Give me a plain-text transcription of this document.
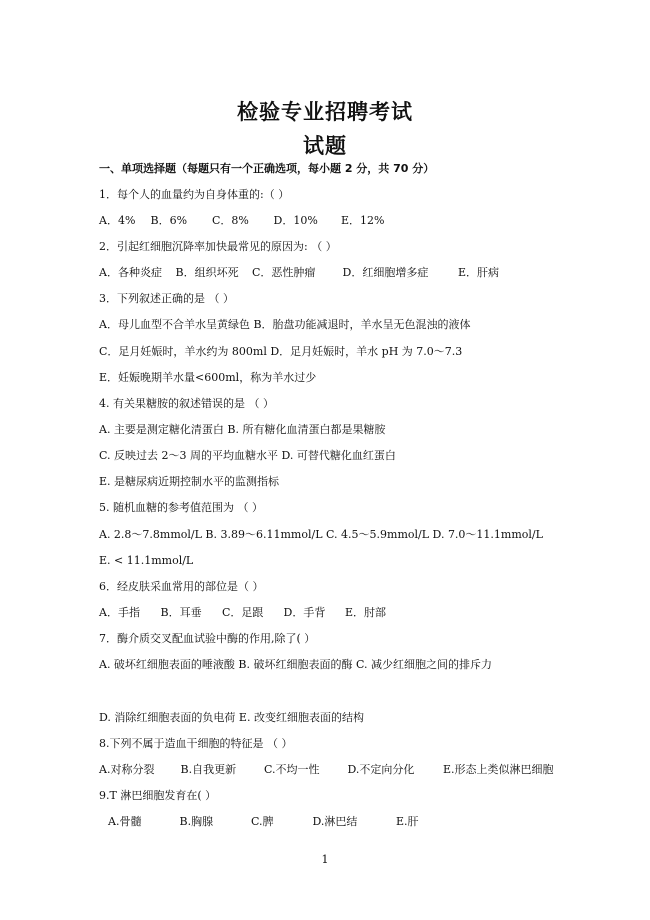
检验专业招聘考试
试题
一、单项选择题（每题只有一个正确选项，每小题 2 分，共 70 分）
1．每个人的血量约为自身体重的:（ ）
A．4% B．6% C．8% D．10% E．12%
2．引起红细胞沉降率加快最常见的原因为: （ ）
A．各种炎症 B．组织坏死 C．恶性肿瘤 D．红细胞增多症	E．肝病
3．下列叙述正确的是 （ ）
A．母儿血型不合羊水呈黄绿色 B．胎盘功能减退时，羊水呈无色混浊的液体
C．足月妊娠时，羊水约为 800ml D．足月妊娠时，羊水 pH 为 7.0～7.3
E．妊娠晚期羊水量<600ml，称为羊水过少
4. 有关果糖胺的叙述错误的是 （ ）
A. 主要是测定糖化清蛋白 B. 所有糖化血清蛋白都是果糖胺
C. 反映过去 2～3 周的平均血糖水平 D. 可替代糖化血红蛋白
E. 是糖尿病近期控制水平的监测指标
5. 随机血糖的参考值范围为 （ ）
A. 2.8～7.8mmol/L B. 3.89～6.11mmol/L C. 4.5～5.9mmol/L D. 7.0～11.1mmol/L
E. < 11.1mmol/L
6．经皮肤采血常用的部位是（ ）
A．手指 B．耳垂 C．足跟 D．手背 E．肘部
7．酶介质交叉配血试验中酶的作用,除了( ）
A. 破坏红细胞表面的唾液酸 B. 破坏红细胞表面的酶 C. 减少红细胞之间的排斥力
D. 消除红细胞表面的负电荷 E. 改变红细胞表面的结构
8.下列不属于造血干细胞的特征是 （ ）
A.对称分裂 B.自我更新	C.不均一性	D.不定向分化	E.形态上类似淋巴细胞
9.T 淋巴细胞发育在( ）
A.骨髓	B.胸腺	C.脾	D.淋巴结	E.肝
1
